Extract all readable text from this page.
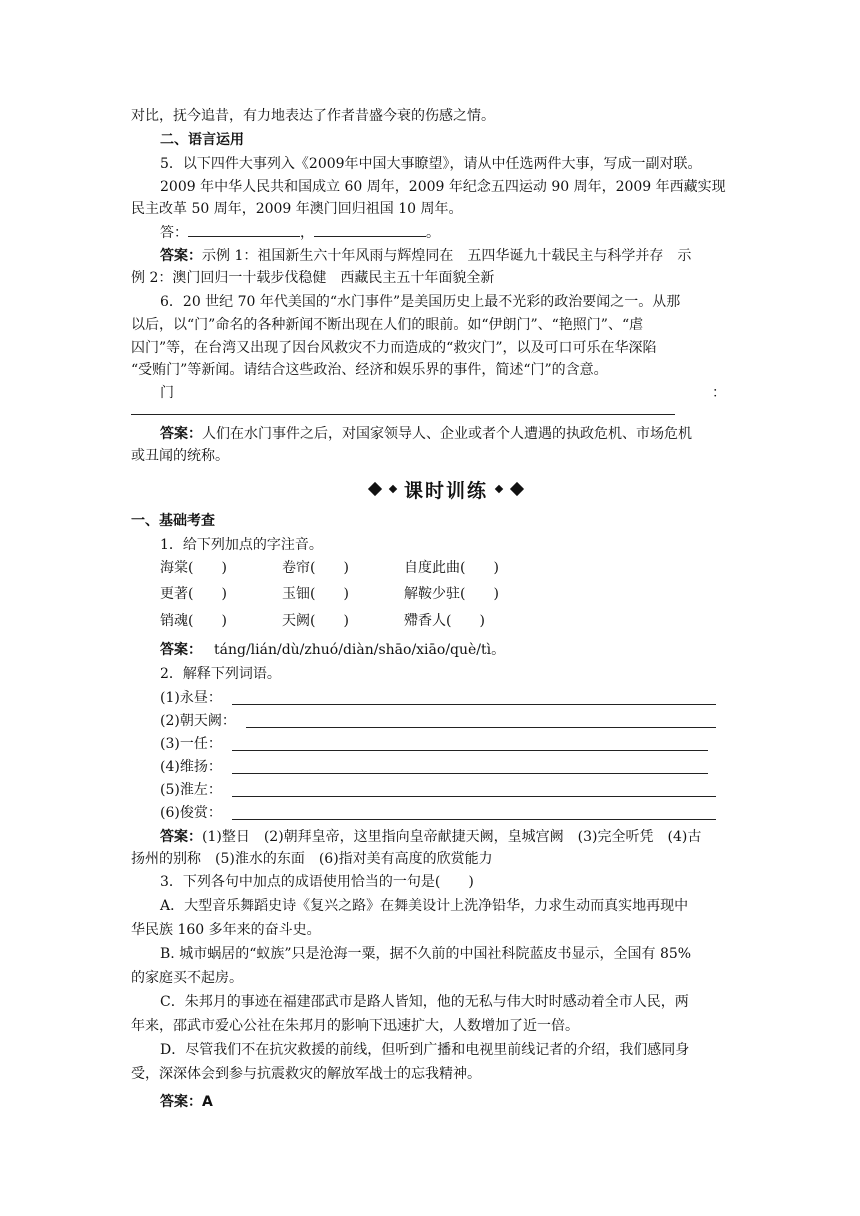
对比，抚今追昔，有力地表达了作者昔盛今衰的伤感之情。
二、语言运用
5．以下四件大事列入《2009年中国大事瞭望》，请从中任选两件大事，写成一副对联。
2009 年中华人民共和国成立 60 周年，2009 年纪念五四运动 90 周年，2009 年西藏实现
民主改革 50 周年，2009 年澳门回归祖国 10 周年。
答：	，	。
答案：示例 1：祖国新生六十年风雨与辉煌同在　五四华诞九十载民主与科学并存　示
例 2：澳门回归一十载步伐稳健　西藏民主五十年面貌全新
6．20 世纪 70 年代美国的“水门事件”是美国历史上最不光彩的政治要闻之一。从那
以后，以“门”命名的各种新闻不断出现在人们的眼前。如“伊朗门”、“艳照门”、“虐
囚门”等，在台湾又出现了因台风救灾不力而造成的“救灾门”，以及可口可乐在华深陷
“受贿门”等新闻。请结合这些政治、经济和娱乐界的事件，简述“门”的含意。
门	：
答案：人们在水门事件之后，对国家领导人、企业或者个人遭遇的执政危机、市场危机
或丑闻的统称。
课时训练
一、基础考查
1．给下列加点的字注音。
海棠(　　)	卷帘(　　)	自度此曲(　　)
更著(　　)	玉钿(　　)	解鞍少驻(　　)
销魂(　　)	天阙(　　)	殢香人(　　)
答案： táng/lián/dù/zhuó/diàn/shāo/xiāo/què/tì。
2．解释下列词语。
(1)永昼：
(2)朝天阙：
(3)一任：
(4)维扬：
(5)淮左：
(6)俊赏：
答案：(1)整日　(2)朝拜皇帝，这里指向皇帝献捷天阙，皇城宫阙　(3)完全听凭　(4)古
扬州的别称　(5)淮水的东面　(6)指对美有高度的欣赏能力
3．下列各句中加点的成语使用恰当的一句是(　　)
A．大型音乐舞蹈史诗《复兴之路》在舞美设计上洗净铅华，力求生动而真实地再现中
华民族 160 多年来的奋斗史。
B. 城市蜗居的“蚁族”只是沧海一粟，据不久前的中国社科院蓝皮书显示，全国有 85%
的家庭买不起房。
C．朱邦月的事迹在福建邵武市是路人皆知，他的无私与伟大时时感动着全市人民，两
年来，邵武市爱心公社在朱邦月的影响下迅速扩大，人数增加了近一倍。
D．尽管我们不在抗灾救援的前线，但听到广播和电视里前线记者的介绍，我们感同身
受，深深体会到参与抗震救灾的解放军战士的忘我精神。
答案：A
